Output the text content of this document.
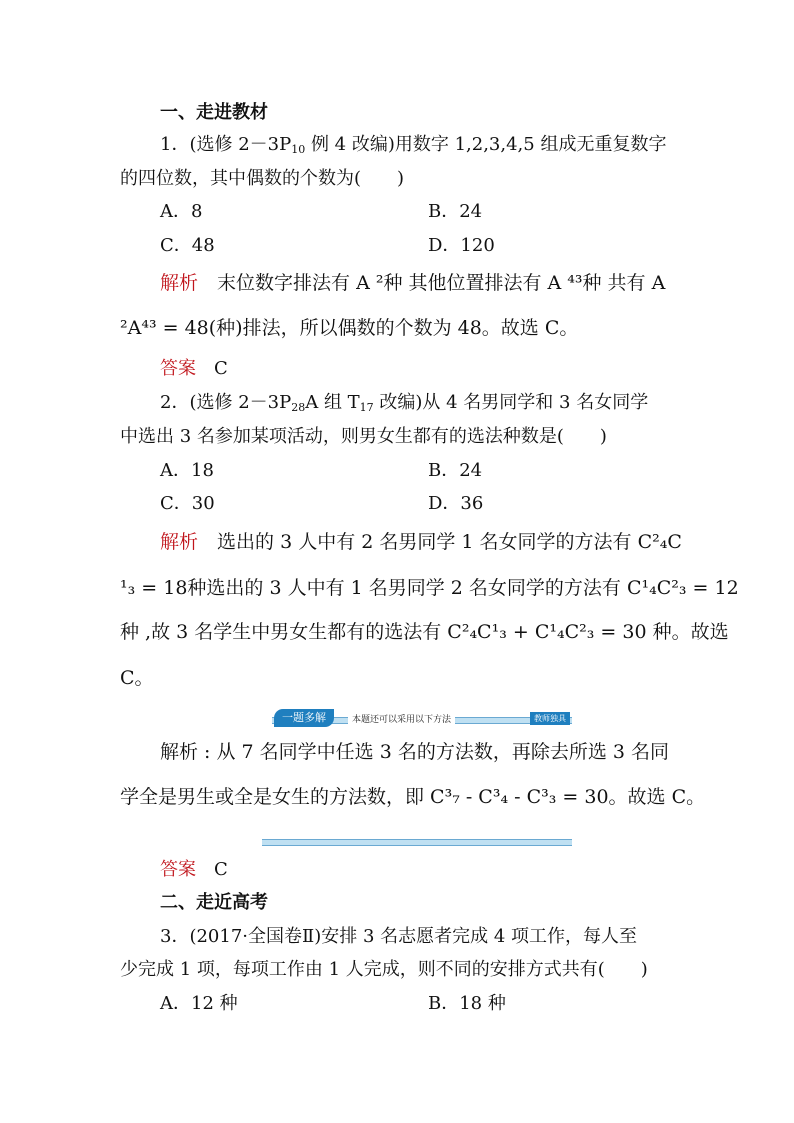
一、走进教材
1．(选修 $2-3P_{10}$ 例 4 改编)用数字 1,2,3,4,5 组成无重复数字
的四位数，其中偶数的个数为(　　)
A．8	B．24
C．48	D．120
解析　 末位数字排法有 A ²种 其他位置排法有 A ⁴³种 共有 A
²A⁴³ = 48(种)排法，所以偶数的个数为 48。故选 C。
答案　 C
2．(选修 $2-3P_{28}A$ 组 $T_{17}$ 改编)从 4 名男同学和 3 名女同学
中选出 3 名参加某项活动，则男女生都有的选法种数是(　　)
A．18	B．24
C．30	D．36
解析　 选出的 3 人中有 2 名男同学 1 名女同学的方法有 C²₄C
¹₃ = 18种选出的 3 人中有 1 名男同学 2 名女同学的方法有 C¹₄C²₃ = 12
种 ,故 3 名学生中男女生都有的选法有 C²₄C¹₃ + C¹₄C²₃ = 30 种。故选
C。
一题多解	本题还可以采用以下方法	教师独具
解析 : 从 7 名同学中任选 3 名的方法数，再除去所选 3 名同
学全是男生或全是女生的方法数，即 C³₇ - C³₄ - C³₃ = 30。故选 C。
答案　 C
二、走近高考
3．(2017·全国卷Ⅱ)安排 3 名志愿者完成 4 项工作，每人至
少完成 1 项，每项工作由 1 人完成，则不同的安排方式共有(　　)
A．12 种	B．18 种
